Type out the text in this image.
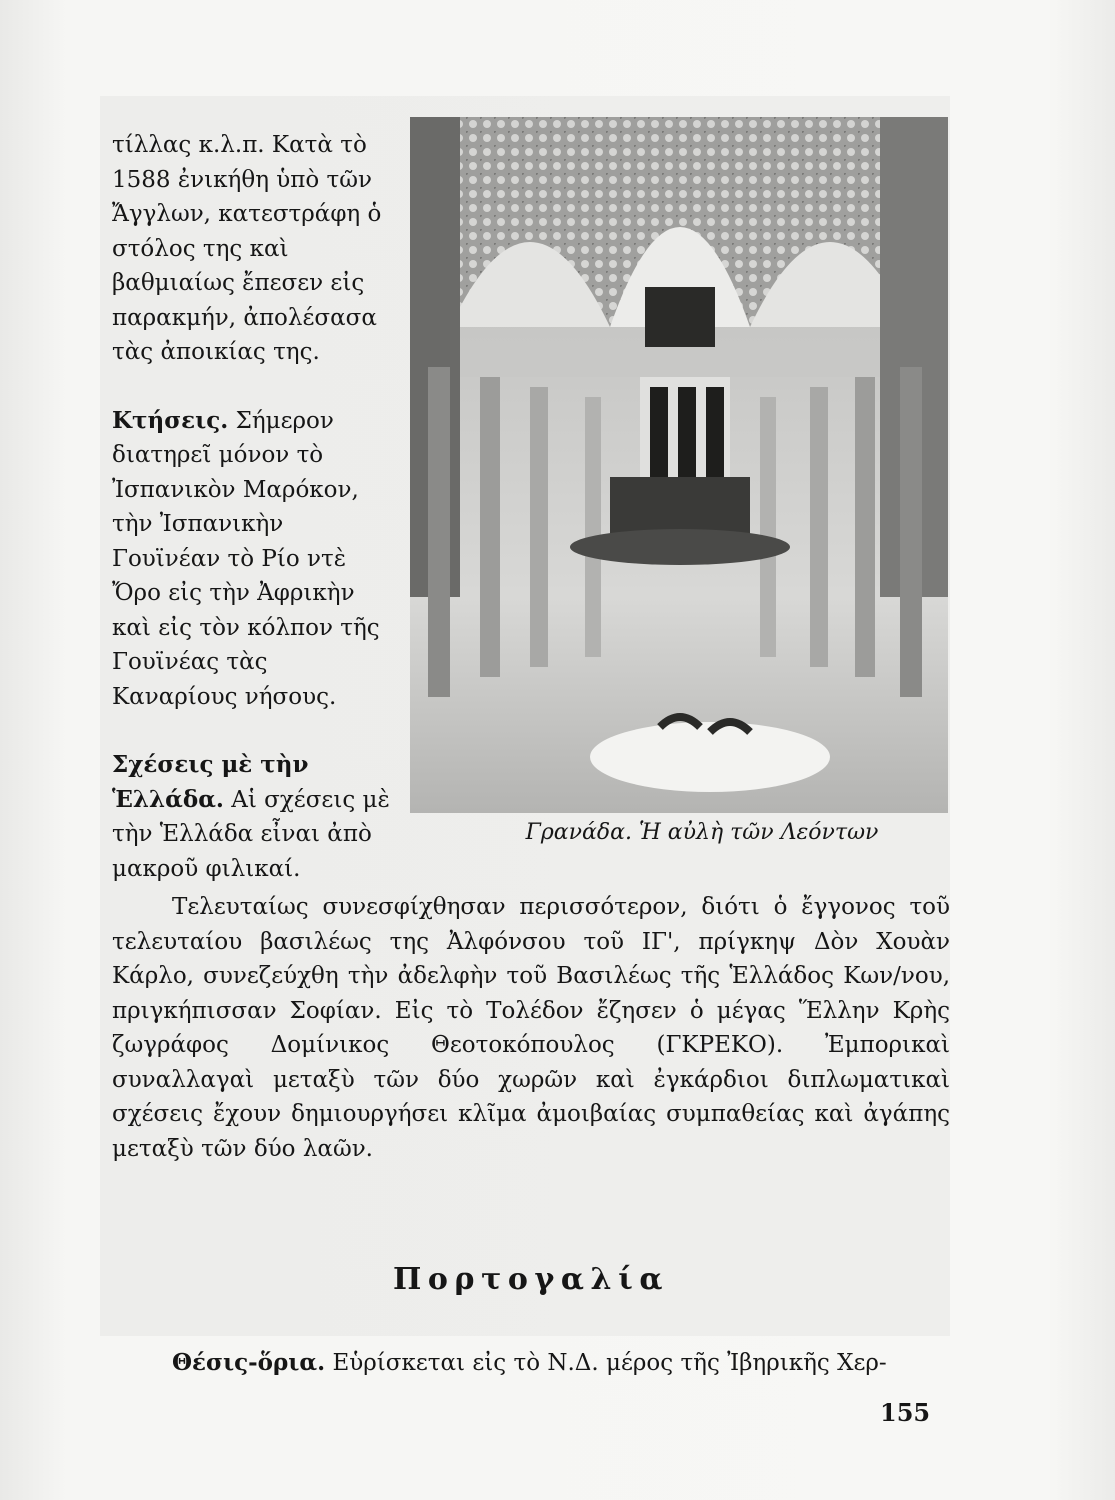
τίλλας κ.λ.π. Κατὰ τὸ 1588 ἐνικήθη ὑπὸ τῶν Ἄγγλων, κατεστράφη ὁ στόλος της καὶ βαθμιαίως ἔπεσεν εἰς παρακμήν, ἀπολέσασα τὰς ἀποικίας της.

Κτήσεις. Σήμερον διατηρεῖ μόνον τὸ Ἰσπανικὸν Μαρόκον, τὴν Ἰσπανικὴν Γουϊνέαν τὸ Ρίο ντὲ Ὄρο εἰς τὴν Ἀφρικὴν καὶ εἰς τὸν κόλπον τῆς Γουϊνέας τὰς Καναρίους νήσους.

Σχέσεις μὲ τὴν Ἑλλάδα. Αἱ σχέσεις μὲ τὴν Ἑλλάδα εἶναι ἀπὸ μακροῦ φιλικαί.

Γρανάδα. Ἡ αὐλὴ τῶν Λεόντων

Τελευταίως συνεσφίχθησαν περισσότερον, διότι ὁ ἔγγονος τοῦ τελευταίου βασιλέως της Ἀλφόνσου τοῦ ΙΓ', πρίγκηψ Δὸν Χουὰν Κάρλο, συνεζεύχθη τὴν ἀδελφὴν τοῦ Βασιλέως τῆς Ἑλλάδος Κων/νου, πριγκήπισσαν Σοφίαν. Εἰς τὸ Τολέδον ἔζησεν ὁ μέγας Ἕλλην Κρὴς ζωγράφος Δομίνικος Θεοτοκόπουλος (ΓΚΡΕΚΟ). Ἐμπορικαὶ συναλλαγαὶ μεταξὺ τῶν δύο χωρῶν καὶ ἐγκάρδιοι διπλωματικαὶ σχέσεις ἔχουν δημιουργήσει κλῖμα ἀμοιβαίας συμπαθείας καὶ ἀγάπης μεταξὺ τῶν δύο λαῶν.

Πορτογαλία
Θέσις-ὅρια. Εὑρίσκεται εἰς τὸ Ν.Δ. μέρος τῆς Ἰβηρικῆς Χερ-
155
